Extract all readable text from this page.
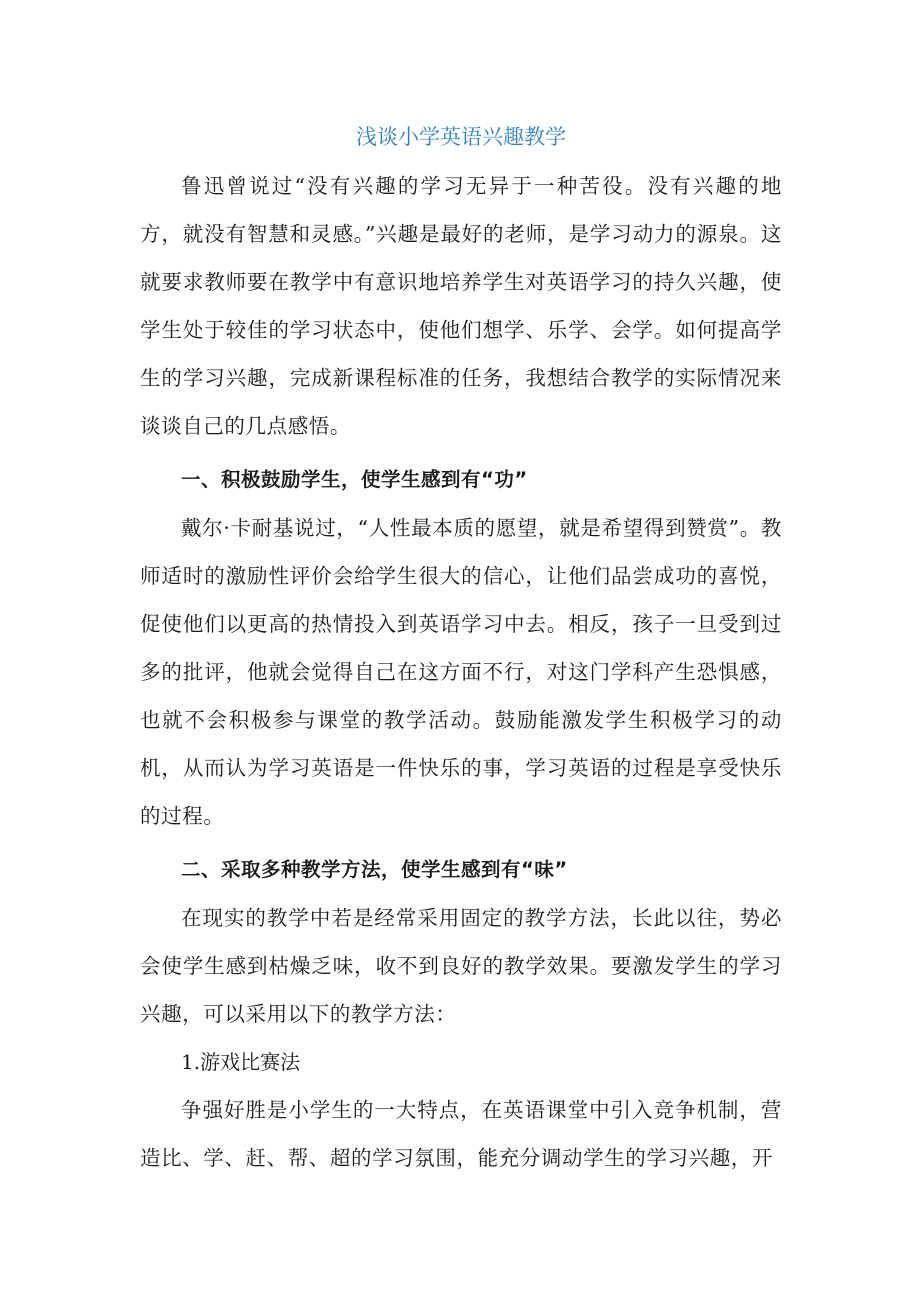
浅谈小学英语兴趣教学

鲁迅曾说过“没有兴趣的学习无异于一种苦役。没有兴趣的地方，就没有智慧和灵感。”兴趣是最好的老师，是学习动力的源泉。这就要求教师要在教学中有意识地培养学生对英语学习的持久兴趣，使学生处于较佳的学习状态中，使他们想学、乐学、会学。如何提高学生的学习兴趣，完成新课程标准的任务，我想结合教学的实际情况来谈谈自己的几点感悟。

一、积极鼓励学生，使学生感到有“功”

戴尔·卡耐基说过，“人性最本质的愿望，就是希望得到赞赏”。教师适时的激励性评价会给学生很大的信心，让他们品尝成功的喜悦，促使他们以更高的热情投入到英语学习中去。相反，孩子一旦受到过多的批评，他就会觉得自己在这方面不行，对这门学科产生恐惧感，也就不会积极参与课堂的教学活动。鼓励能激发学生积极学习的动机，从而认为学习英语是一件快乐的事，学习英语的过程是享受快乐的过程。

二、采取多种教学方法，使学生感到有“味”

在现实的教学中若是经常采用固定的教学方法，长此以往，势必会使学生感到枯燥乏味，收不到良好的教学效果。要激发学生的学习兴趣，可以采用以下的教学方法：

1.游戏比赛法

争强好胜是小学生的一大特点，在英语课堂中引入竞争机制，营造比、学、赶、帮、超的学习氛围，能充分调动学生的学习兴趣，开
